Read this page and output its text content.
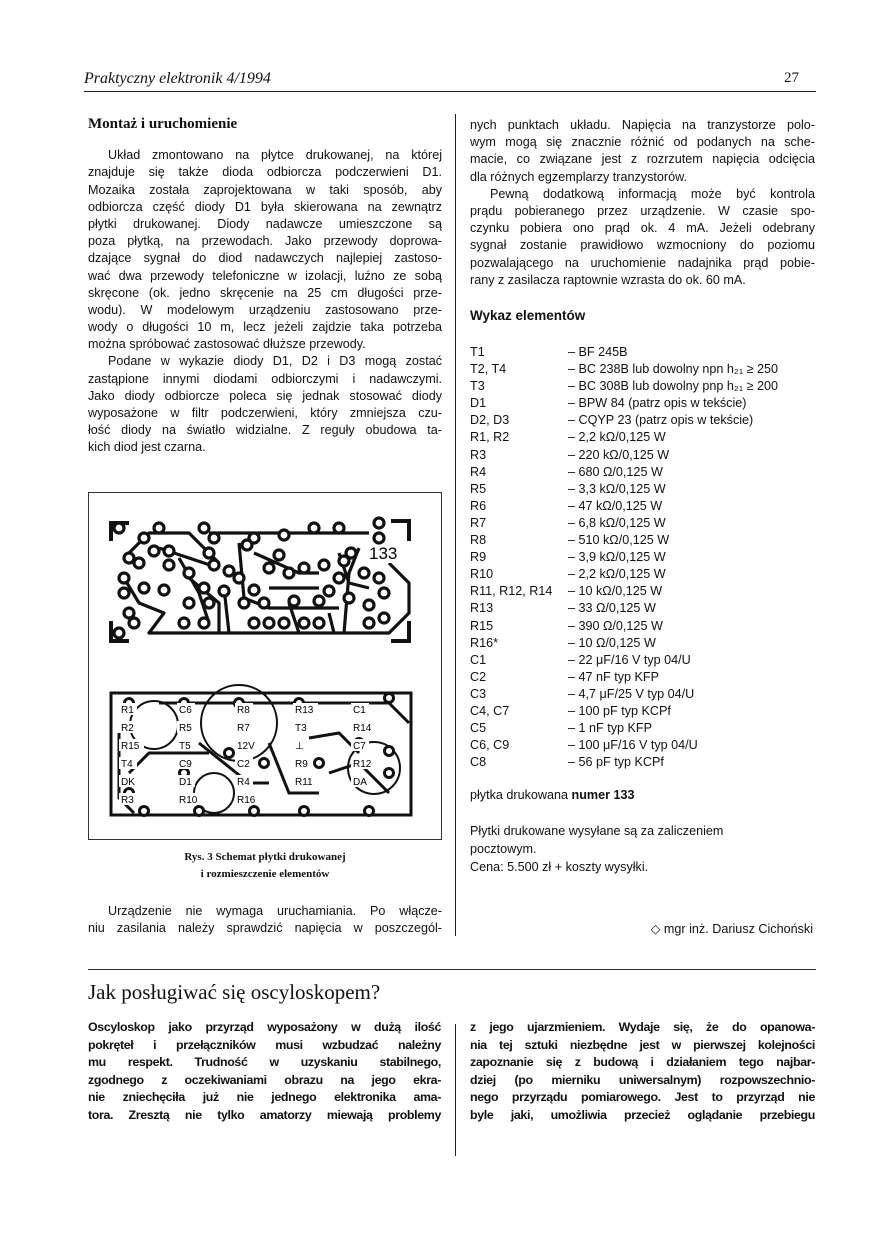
Praktyczny elektronik 4/1994	27
Montaż i uruchomienie
Układ zmontowano na płytce drukowanej, na której
znajduje się także dioda odbiorcza podczerwieni D1.
Mozaika została zaprojektowana w taki sposób, aby
odbiorcza część diody D1 była skierowana na zewnątrz
płytki drukowanej. Diody nadawcze umieszczone są
poza płytką, na przewodach. Jako przewody doprowa-
dzające sygnał do diod nadawczych najlepiej zastoso-
wać dwa przewody telefoniczne w izolacji, luźno ze sobą
skręcone (ok. jedno skręcenie na 25 cm długości prze-
wodu). W modelowym urządzeniu zastosowano prze-
wody o długości 10 m, lecz jeżeli zajdzie taka potrzeba
można spróbować zastosować dłuższe przewody.
Podane w wykazie diody D1, D2 i D3 mogą zostać
zastąpione innymi diodami odbiorczymi i nadawczymi.
Jako diody odbiorcze poleca się jednak stosować diody
wyposażone w filtr podczerwieni, który zmniejsza czu-
łość diody na światło widzialne. Z reguły obudowa ta-
kich diod jest czarna.
133
R1	C6	R8	R13	C1
R2	R5	R7	T3	R14
R15	T5	12V	⊥	C7
T4	C9	C2	R9	R12
DK	D1	R4	R11	DA
R3	R10	R16
Rys. 3 Schemat płytki drukowanej
i rozmieszczenie elementów
Urządzenie nie wymaga uruchamiania. Po włącze-
niu zasilania należy sprawdzić napięcia w poszczegól-
nych punktach układu. Napięcia na tranzystorze polo-
wym mogą się znacznie różnić od podanych na sche-
macie, co związane jest z rozrzutem napięcia odcięcia
dla różnych egzemplarzy tranzystorów.
Pewną dodatkową informacją może być kontrola
prądu pobieranego przez urządzenie. W czasie spo-
czynku pobiera ono prąd ok. 4 mA. Jeżeli odebrany
sygnał zostanie prawidłowo wzmocniony do poziomu
pozwalającego na uruchomienie nadajnika prąd pobie-
rany z zasilacza raptownie wzrasta do ok. 60 mA.
Wykaz elementów
T1	– BF 245B
T2, T4	– BC 238B lub dowolny npn h₂₁ ≥ 250
T3	– BC 308B lub dowolny pnp h₂₁ ≥ 200
D1	– BPW 84 (patrz opis w tekście)
D2, D3	– CQYP 23 (patrz opis w tekście)
R1, R2	– 2,2 kΩ/0,125 W
R3	– 220 kΩ/0,125 W
R4	– 680 Ω/0,125 W
R5	– 3,3 kΩ/0,125 W
R6	– 47 kΩ/0,125 W
R7	– 6,8 kΩ/0,125 W
R8	– 510 kΩ/0,125 W
R9	– 3,9 kΩ/0,125 W
R10	– 2,2 kΩ/0,125 W
R11, R12, R14	– 10 kΩ/0,125 W
R13	– 33 Ω/0,125 W
R15	– 390 Ω/0,125 W
R16*	– 10 Ω/0,125 W
C1	– 22 μF/16 V typ 04/U
C2	– 47 nF typ KFP
C3	– 4,7 μF/25 V typ 04/U
C4, C7	– 100 pF typ KCPf
C5	– 1 nF typ KFP
C6, C9	– 100 μF/16 V typ 04/U
C8	– 56 pF typ KCPf
płytka drukowana numer 133
Płytki drukowane wysyłane są za zaliczeniem
pocztowym.
Cena: 5.500 zł + koszty wysyłki.
◇ mgr inż. Dariusz Cichoński
Jak posługiwać się oscyloskopem?
Oscyloskop jako przyrząd wyposażony w dużą ilość
pokręteł i przełączników musi wzbudzać należny
mu respekt. Trudność w uzyskaniu stabilnego,
zgodnego z oczekiwaniami obrazu na jego ekra-
nie zniechęciła już nie jednego elektronika ama-
tora. Zresztą nie tylko amatorzy miewają problemy
z jego ujarzmieniem. Wydaje się, że do opanowa-
nia tej sztuki niezbędne jest w pierwszej kolejności
zapoznanie się z budową i działaniem tego najbar-
dziej (po mierniku uniwersalnym) rozpowszechnio-
nego przyrządu pomiarowego. Jest to przyrząd nie
byle jaki, umożliwia przecież oglądanie przebiegu
